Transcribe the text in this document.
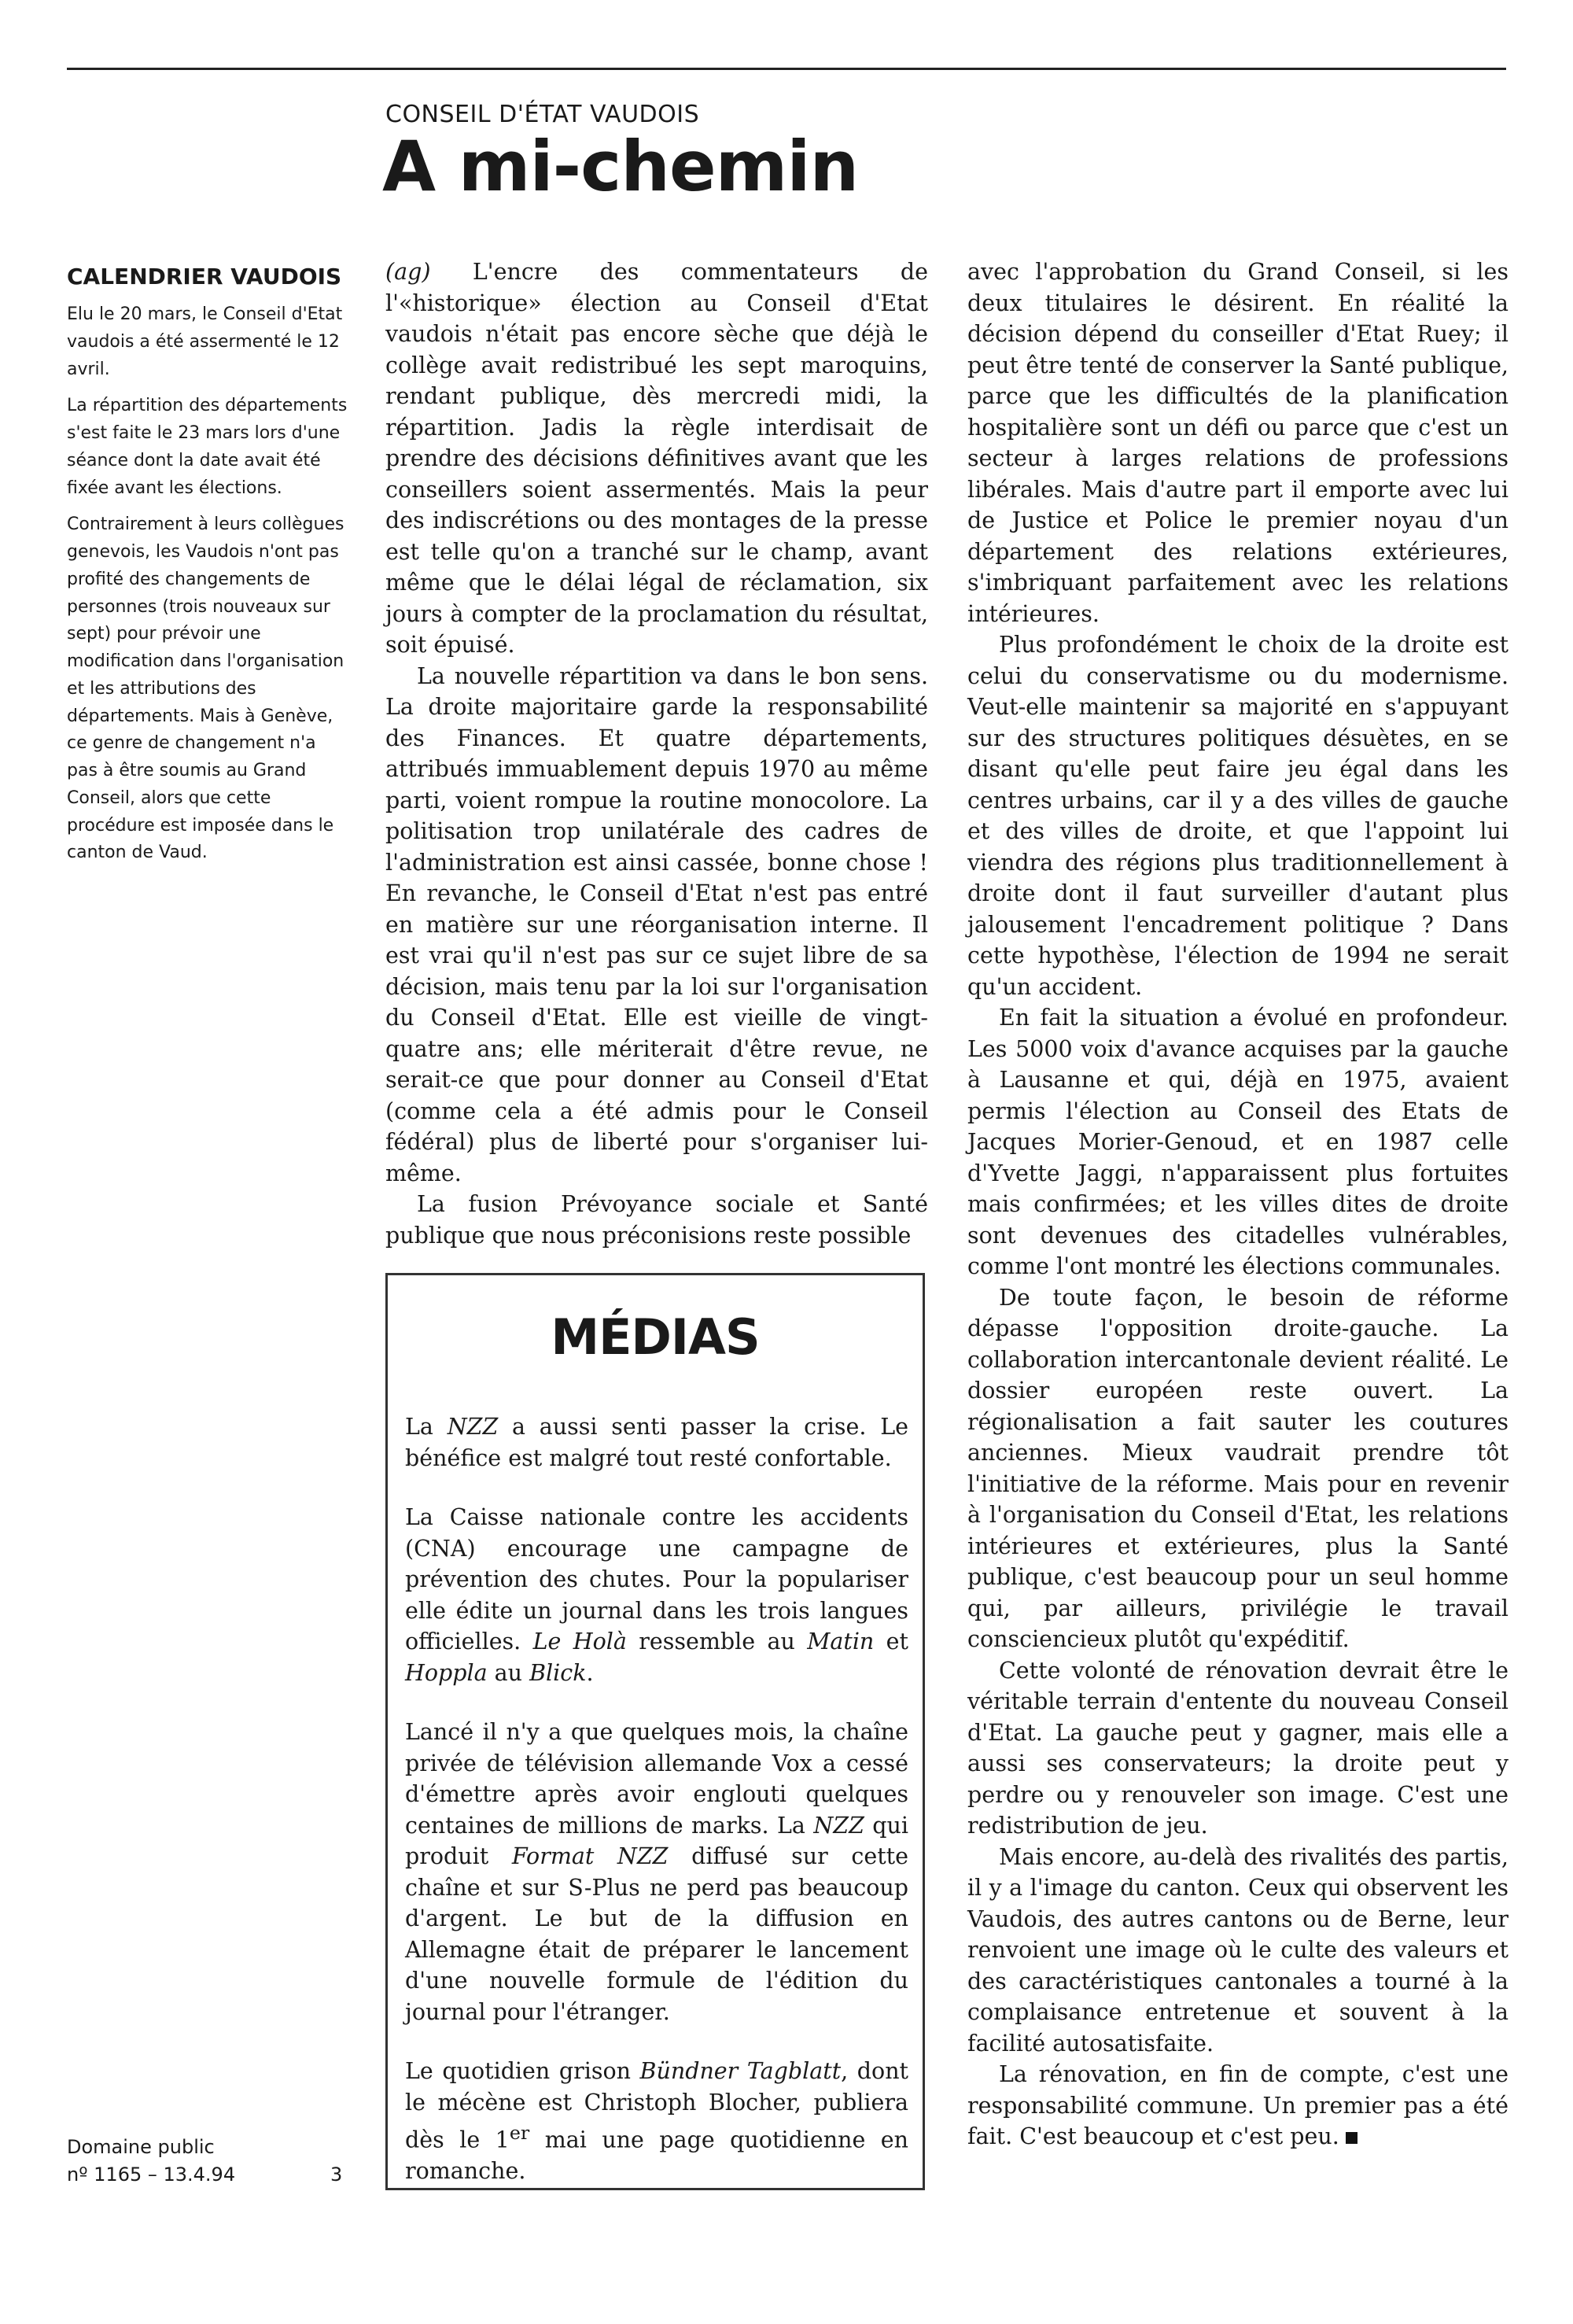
CONSEIL D'ÉTAT VAUDOIS
A mi-chemin
CALENDRIER VAUDOIS

Elu le 20 mars, le Conseil d'Etat vaudois a été assermenté le 12 avril.

La répartition des départements s'est faite le 23 mars lors d'une séance dont la date avait été fixée avant les élections.

Contrairement à leurs collègues genevois, les Vaudois n'ont pas profité des changements de personnes (trois nouveaux sur sept) pour prévoir une modification dans l'organisation et les attributions des départements. Mais à Genève, ce genre de changement n'a pas à être soumis au Grand Conseil, alors que cette procédure est imposée dans le canton de Vaud.

Domaine public
nº 1165 – 13.4.94	3

(ag) L'encre des commentateurs de l'«historique» élection au Conseil d'Etat vaudois n'était pas encore sèche que déjà le collège avait redistribué les sept maroquins, rendant publique, dès mercredi midi, la répartition. Jadis la règle interdisait de prendre des décisions définitives avant que les conseillers soient assermentés. Mais la peur des indiscrétions ou des montages de la presse est telle qu'on a tranché sur le champ, avant même que le délai légal de réclamation, six jours à compter de la proclamation du résultat, soit épuisé.

La nouvelle répartition va dans le bon sens. La droite majoritaire garde la responsabilité des Finances. Et quatre départements, attribués immuablement depuis 1970 au même parti, voient rompue la routine monocolore. La politisation trop unilatérale des cadres de l'administration est ainsi cassée, bonne chose ! En revanche, le Conseil d'Etat n'est pas entré en matière sur une réorganisation interne. Il est vrai qu'il n'est pas sur ce sujet libre de sa décision, mais tenu par la loi sur l'organisation du Conseil d'Etat. Elle est vieille de vingt-quatre ans; elle mériterait d'être revue, ne serait-ce que pour donner au Conseil d'Etat (comme cela a été admis pour le Conseil fédéral) plus de liberté pour s'organiser lui-même.

La fusion Prévoyance sociale et Santé publique que nous préconisions reste possible

MÉDIAS

La NZZ a aussi senti passer la crise. Le bénéfice est malgré tout resté confortable.

La Caisse nationale contre les accidents (CNA) encourage une campagne de prévention des chutes. Pour la populariser elle édite un journal dans les trois langues officielles. Le Holà ressemble au Matin et Hoppla au Blick.

Lancé il n'y a que quelques mois, la chaîne privée de télévision allemande Vox a cessé d'émettre après avoir englouti quelques centaines de millions de marks. La NZZ qui produit Format NZZ diffusé sur cette chaîne et sur S-Plus ne perd pas beaucoup d'argent. Le but de la diffusion en Allemagne était de préparer le lancement d'une nouvelle formule de l'édition du journal pour l'étranger.

Le quotidien grison Bündner Tagblatt, dont le mécène est Christoph Blocher, publiera dès le 1er mai une page quotidienne en romanche.

avec l'approbation du Grand Conseil, si les deux titulaires le désirent. En réalité la décision dépend du conseiller d'Etat Ruey; il peut être tenté de conserver la Santé publique, parce que les difficultés de la planification hospitalière sont un défi ou parce que c'est un secteur à larges relations de professions libérales. Mais d'autre part il emporte avec lui de Justice et Police le premier noyau d'un département des relations extérieures, s'imbriquant parfaitement avec les relations intérieures.

Plus profondément le choix de la droite est celui du conservatisme ou du modernisme. Veut-elle maintenir sa majorité en s'appuyant sur des structures politiques désuètes, en se disant qu'elle peut faire jeu égal dans les centres urbains, car il y a des villes de gauche et des villes de droite, et que l'appoint lui viendra des régions plus traditionnellement à droite dont il faut surveiller d'autant plus jalousement l'encadrement politique ? Dans cette hypothèse, l'élection de 1994 ne serait qu'un accident.

En fait la situation a évolué en profondeur. Les 5000 voix d'avance acquises par la gauche à Lausanne et qui, déjà en 1975, avaient permis l'élection au Conseil des Etats de Jacques Morier-Genoud, et en 1987 celle d'Yvette Jaggi, n'apparaissent plus fortuites mais confirmées; et les villes dites de droite sont devenues des citadelles vulnérables, comme l'ont montré les élections communales.

De toute façon, le besoin de réforme dépasse l'opposition droite-gauche. La collaboration intercantonale devient réalité. Le dossier européen reste ouvert. La régionalisation a fait sauter les coutures anciennes. Mieux vaudrait prendre tôt l'initiative de la réforme. Mais pour en revenir à l'organisation du Conseil d'Etat, les relations intérieures et extérieures, plus la Santé publique, c'est beaucoup pour un seul homme qui, par ailleurs, privilégie le travail consciencieux plutôt qu'expéditif.

Cette volonté de rénovation devrait être le véritable terrain d'entente du nouveau Conseil d'Etat. La gauche peut y gagner, mais elle a aussi ses conservateurs; la droite peut y perdre ou y renouveler son image. C'est une redistribution de jeu.

Mais encore, au-delà des rivalités des partis, il y a l'image du canton. Ceux qui observent les Vaudois, des autres cantons ou de Berne, leur renvoient une image où le culte des valeurs et des caractéristiques cantonales a tourné à la complaisance entretenue et souvent à la facilité autosatisfaite.

La rénovation, en fin de compte, c'est une responsabilité commune. Un premier pas a été fait. C'est beaucoup et c'est peu.
